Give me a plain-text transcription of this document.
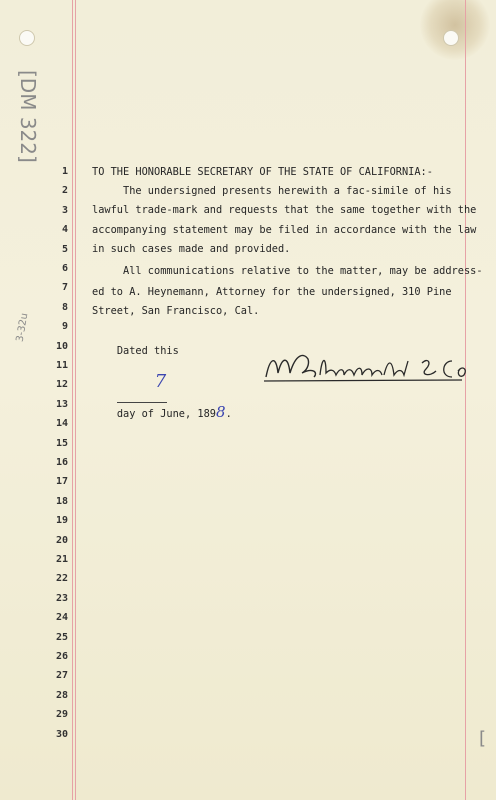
[DM 322]
3-32u
[
1
2
3
4
5
6
7
8
9
10
11
12
13
14
15
16
17
18
19
20
21
22
23
24
25
26
27
28
29
30
TO THE HONORABLE SECRETARY OF THE STATE OF CALIFORNIA:-
The undersigned presents herewith a fac-simile of his
lawful trade-mark and requests that the same together with the
accompanying statement may be filed in accordance with the law
in such cases made and provided.
All communications relative to the matter, may be address-
ed to A. Heynemann, Attorney for the undersigned, 310 Pine
Street, San Francisco, Cal.

Dated this

7

day of June, 1898.
